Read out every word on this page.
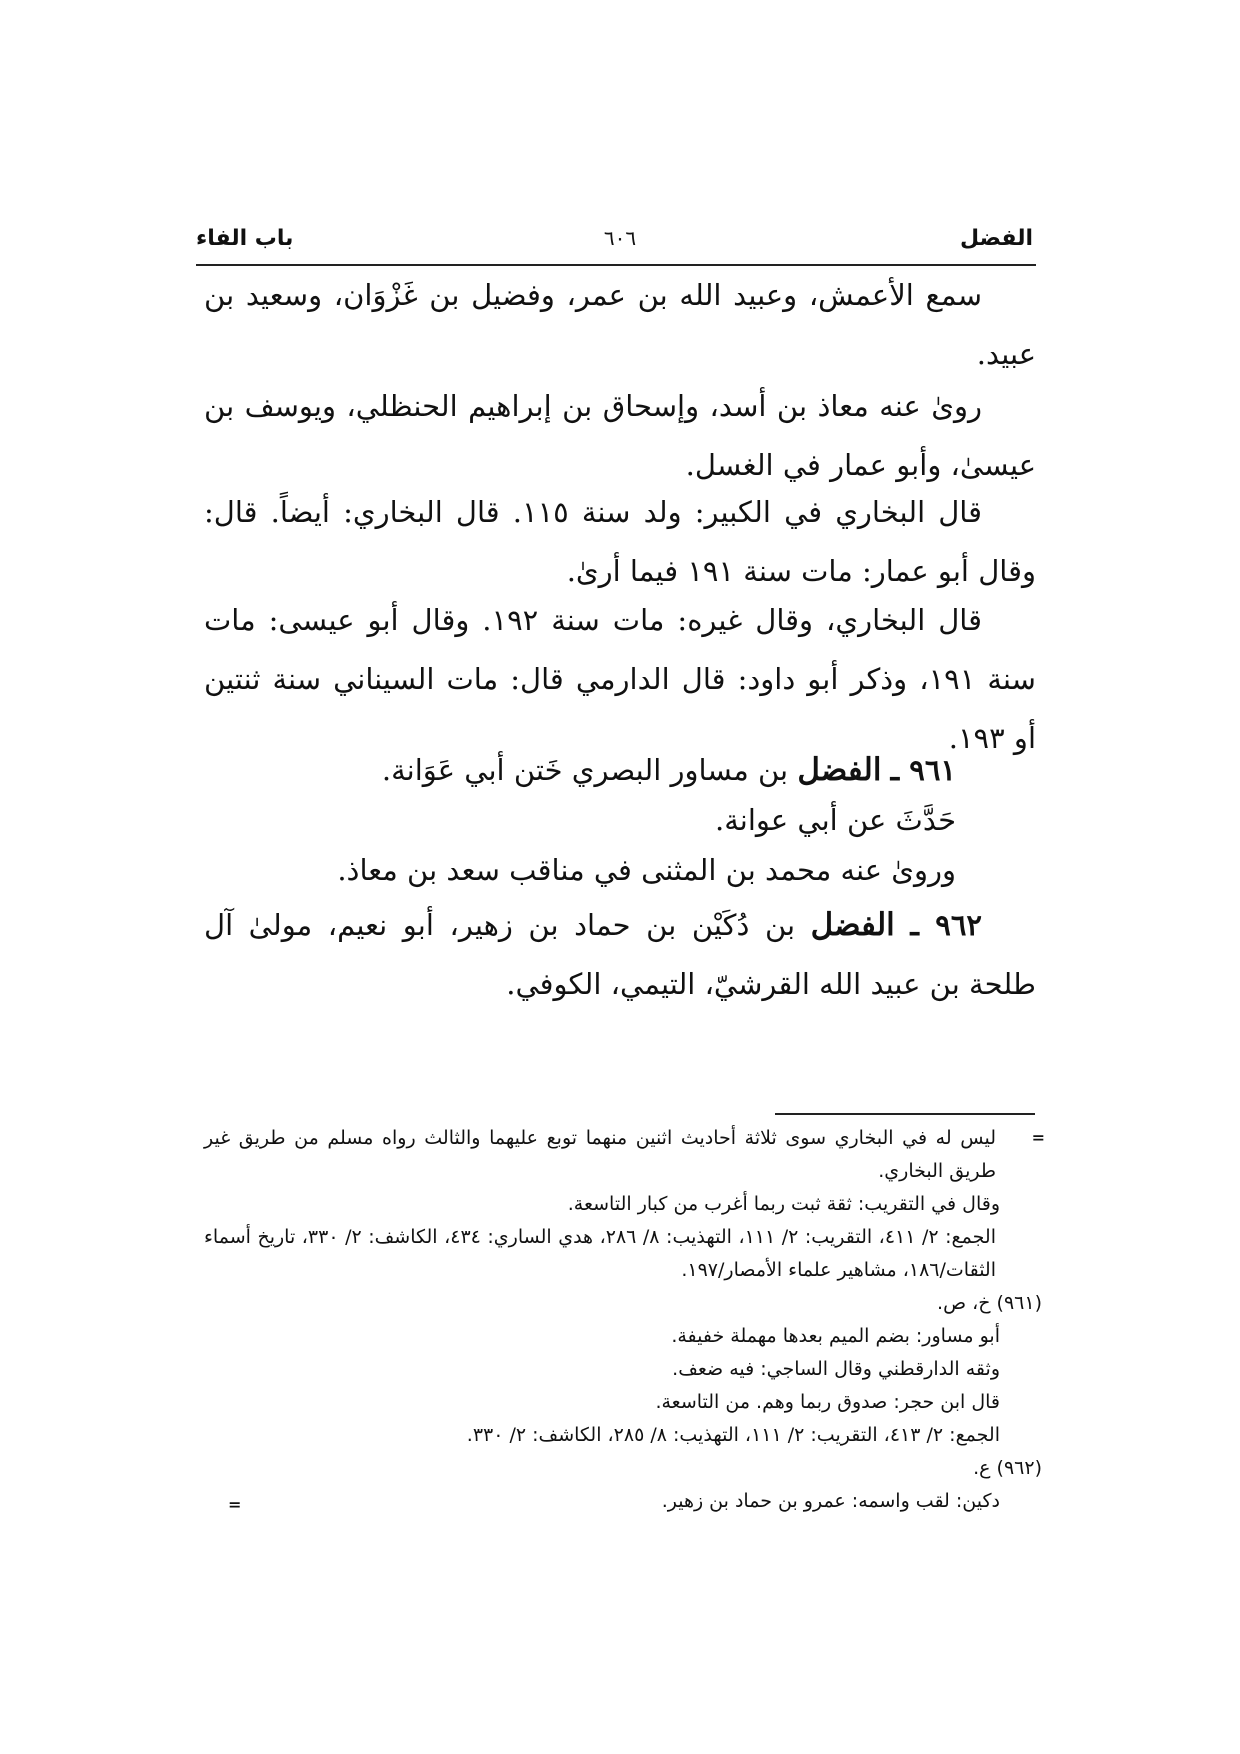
الفضل
٦٠٦
باب الفاء
سمع الأعمش، وعبيد الله بن عمر، وفضيل بن غَزْوَان، وسعيد بن عبيد.
رویٰ عنه معاذ بن أسد، وإسحاق بن إبراهيم الحنظلي، ويوسف بن عيسىٰ، وأبو عمار في الغسل.
قال البخاري في الكبير: ولد سنة ١١٥. قال البخاري: أيضاً. قال: وقال أبو عمار: مات سنة ١٩١ فيما أرىٰ.
قال البخاري، وقال غيره: مات سنة ١٩٢. وقال أبو عيسى: مات سنة ١٩١، وذكر أبو داود: قال الدارمي قال: مات السيناني سنة ثنتين أو ١٩٣.
٩٦١ ـ الفضل بن مساور البصري خَتن أبي عَوَانة.
حَدَّثَ عن أبي عوانة.
ورویٰ عنه محمد بن المثنى في مناقب سعد بن معاذ.
٩٦٢ ـ الفضل بن دُكَيْن بن حماد بن زهير، أبو نعيم، مولىٰ آل طلحة بن عبيد الله القرشيّ، التيمي، الكوفي.
=
ليس له في البخاري سوى ثلاثة أحاديث اثنين منهما توبع عليهما والثالث رواه مسلم من طريق غير طريق البخاري.
وقال في التقريب: ثقة ثبت ربما أغرب من كبار التاسعة.
الجمع: ٢/ ٤١١، التقريب: ٢/ ١١١، التهذيب: ٨/ ٢٨٦، هدي الساري: ٤٣٤، الكاشف: ٢/ ٣٣٠، تاريخ أسماء الثقات/١٨٦، مشاهير علماء الأمصار/١٩٧.
(٩٦١) خ، ص.
أبو مساور: بضم الميم بعدها مهملة خفيفة.
وثقه الدارقطني وقال الساجي: فيه ضعف.
قال ابن حجر: صدوق ربما وهم. من التاسعة.
الجمع: ٢/ ٤١٣، التقريب: ٢/ ١١١، التهذيب: ٨/ ٢٨٥، الكاشف: ٢/ ٣٣٠.
(٩٦٢) ع.
دكين: لقب واسمه: عمرو بن حماد بن زهير.
=
